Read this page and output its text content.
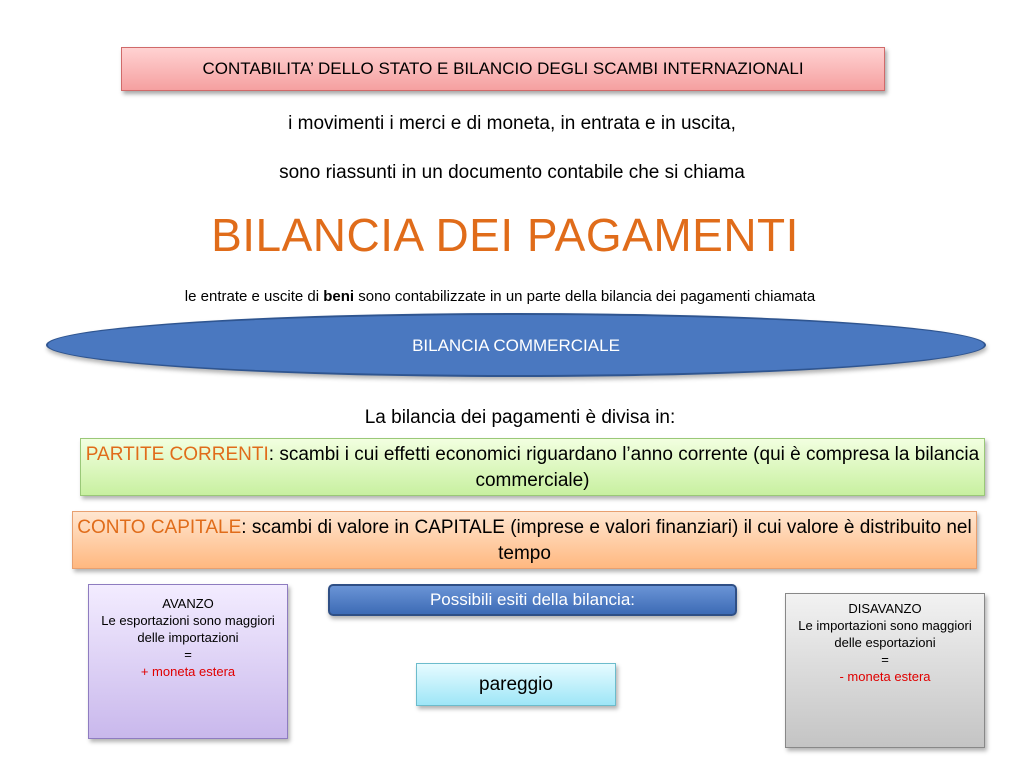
CONTABILITA’ DELLO STATO E BILANCIO DEGLI SCAMBI INTERNAZIONALI
i movimenti i merci e di moneta, in entrata e in uscita,
sono riassunti in un documento contabile che si chiama
BILANCIA DEI PAGAMENTI
le entrate e uscite di beni sono contabilizzate in un parte della bilancia dei pagamenti chiamata
BILANCIA COMMERCIALE
La bilancia dei pagamenti è divisa in:
PARTITE CORRENTI: scambi i cui effetti economici riguardano l’anno corrente (qui è compresa la bilancia commerciale)
CONTO CAPITALE: scambi di valore in CAPITALE (imprese e valori finanziari) il cui valore è distribuito nel tempo
AVANZO
Le esportazioni sono maggiori delle importazioni
=
+ moneta estera
Possibili esiti della bilancia:
pareggio
DISAVANZO
Le importazioni sono maggiori delle esportazioni
=
- moneta estera
